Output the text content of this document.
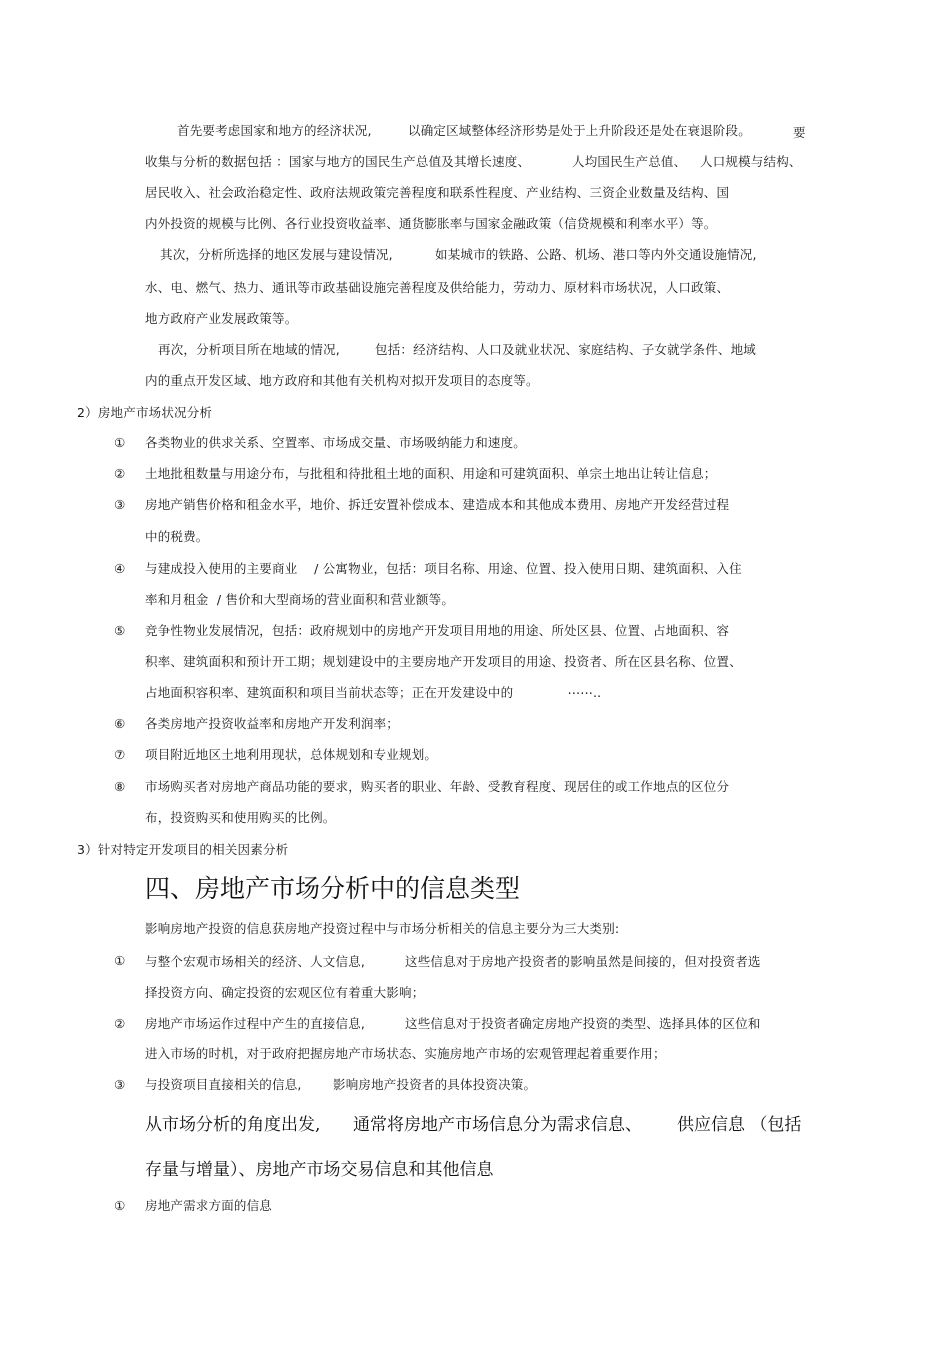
首先要考虑国家和地方的经济状况,	以确定区域整体经济形势是处于上升阶段还是处在衰退阶段。	要
收集与分析的数据包括 ：国家与地方的国民生产总值及其增长速度、	人均国民生产总值、 人口规模与结构、
居民收入、社会政治稳定性、政府法规政策完善程度和联系性程度、产业结构、三资企业数量及结构、国
内外投资的规模与比例、各行业投资收益率、通货膨胀率与国家金融政策（信贷规模和利率水平）等。
其次，分析所选择的地区发展与建设情况,	如某城市的铁路、公路、机场、港口等内外交通设施情况,
水、电、燃气、热力、通讯等市政基础设施完善程度及供给能力，劳动力、原材料市场状况，人口政策、
地方政府产业发展政策等。
再次，分析项目所在地域的情况,	包括：经济结构、人口及就业状况、家庭结构、子女就学条件、地域
内的重点开发区域、地方政府和其他有关机构对拟开发项目的态度等。
2）房地产市场状况分析
① 各类物业的供求关系、空置率、市场成交量、市场吸纳能力和速度。
② 土地批租数量与用途分布，与批租和待批租土地的面积、用途和可建筑面积、单宗土地出让转让信息；
③ 房地产销售价格和租金水平，地价、拆迁安置补偿成本、建造成本和其他成本费用、房地产开发经营过程
中的税费。
④ 与建成投入使用的主要商业    / 公寓物业，包括：项目名称、用途、位置、投入使用日期、建筑面积、入住
率和月租金  / 售价和大型商场的营业面积和营业额等。
⑤ 竞争性物业发展情况，包括：政府规划中的房地产开发项目用地的用途、所处区县、位置、占地面积、容
积率、建筑面积和预计开工期；规划建设中的主要房地产开发项目的用途、投资者、所在区县名称、位置、
占地面积容积率、建筑面积和项目当前状态等；正在开发建设中的             ⋯⋯..
⑥ 各类房地产投资收益率和房地产开发利润率；
⑦ 项目附近地区土地利用现状，总体规划和专业规划。
⑧ 市场购买者对房地产商品功能的要求，购买者的职业、年龄、受教育程度、现居住的或工作地点的区位分
布，投资购买和使用购买的比例。
3）针对特定开发项目的相关因素分析
四、房地产市场分析中的信息类型
影响房地产投资的信息获房地产投资过程中与市场分析相关的信息主要分为三大类别:
① 与整个宏观市场相关的经济、人文信息,	这些信息对于房地产投资者的影响虽然是间接的，但对投资者选
择投资方向、确定投资的宏观区位有着重大影响；
② 房地产市场运作过程中产生的直接信息,	这些信息对于投资者确定房地产投资的类型、选择具体的区位和
进入市场的时机，对于政府把握房地产市场状态、实施房地产市场的宏观管理起着重要作用；
③ 与投资项目直接相关的信息,	影响房地产投资者的具体投资决策。
从市场分析的角度出发, 通常将房地产市场信息分为需求信息、 供应信息 （包括
存量与增量）、房地产市场交易信息和其他信息
① 房地产需求方面的信息
